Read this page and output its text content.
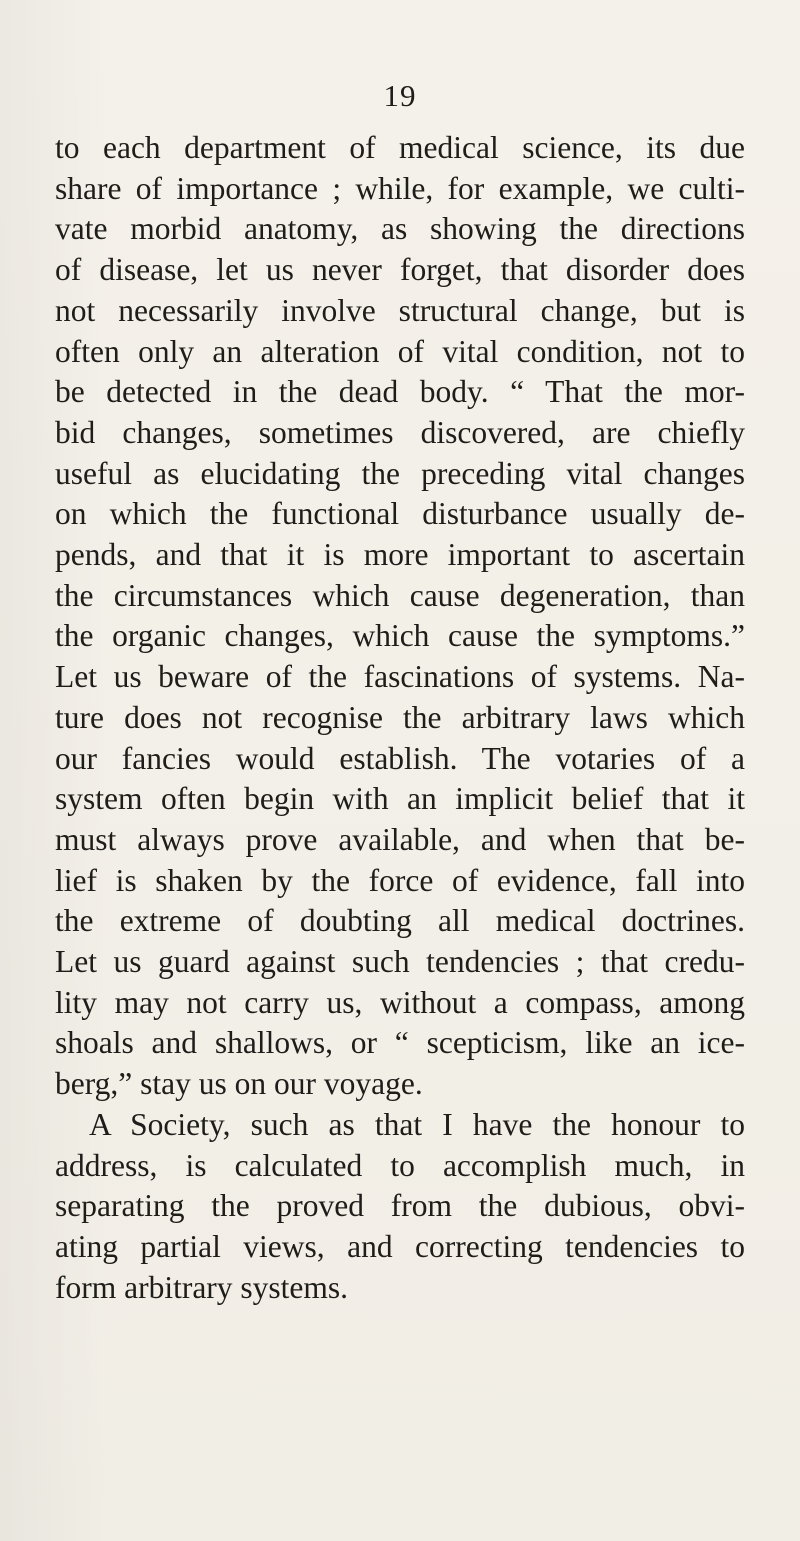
19
to each department of medical science, its due
share of importance ; while, for example, we culti-
vate morbid anatomy, as showing the directions
of disease, let us never forget, that disorder does
not necessarily involve structural change, but is
often only an alteration of vital condition, not to
be detected in the dead body. “ That the mor-
bid changes, sometimes discovered, are chiefly
useful as elucidating the preceding vital changes
on which the functional disturbance usually de-
pends, and that it is more important to ascertain
the circumstances which cause degeneration, than
the organic changes, which cause the symptoms.”
Let us beware of the fascinations of systems. Na-
ture does not recognise the arbitrary laws which
our fancies would establish. The votaries of a
system often begin with an implicit belief that it
must always prove available, and when that be-
lief is shaken by the force of evidence, fall into
the extreme of doubting all medical doctrines.
Let us guard against such tendencies ; that credu-
lity may not carry us, without a compass, among
shoals and shallows, or “ scepticism, like an ice-
berg,” stay us on our voyage.
A Society, such as that I have the honour to
address, is calculated to accomplish much, in
separating the proved from the dubious, obvi-
ating partial views, and correcting tendencies to
form arbitrary systems.
